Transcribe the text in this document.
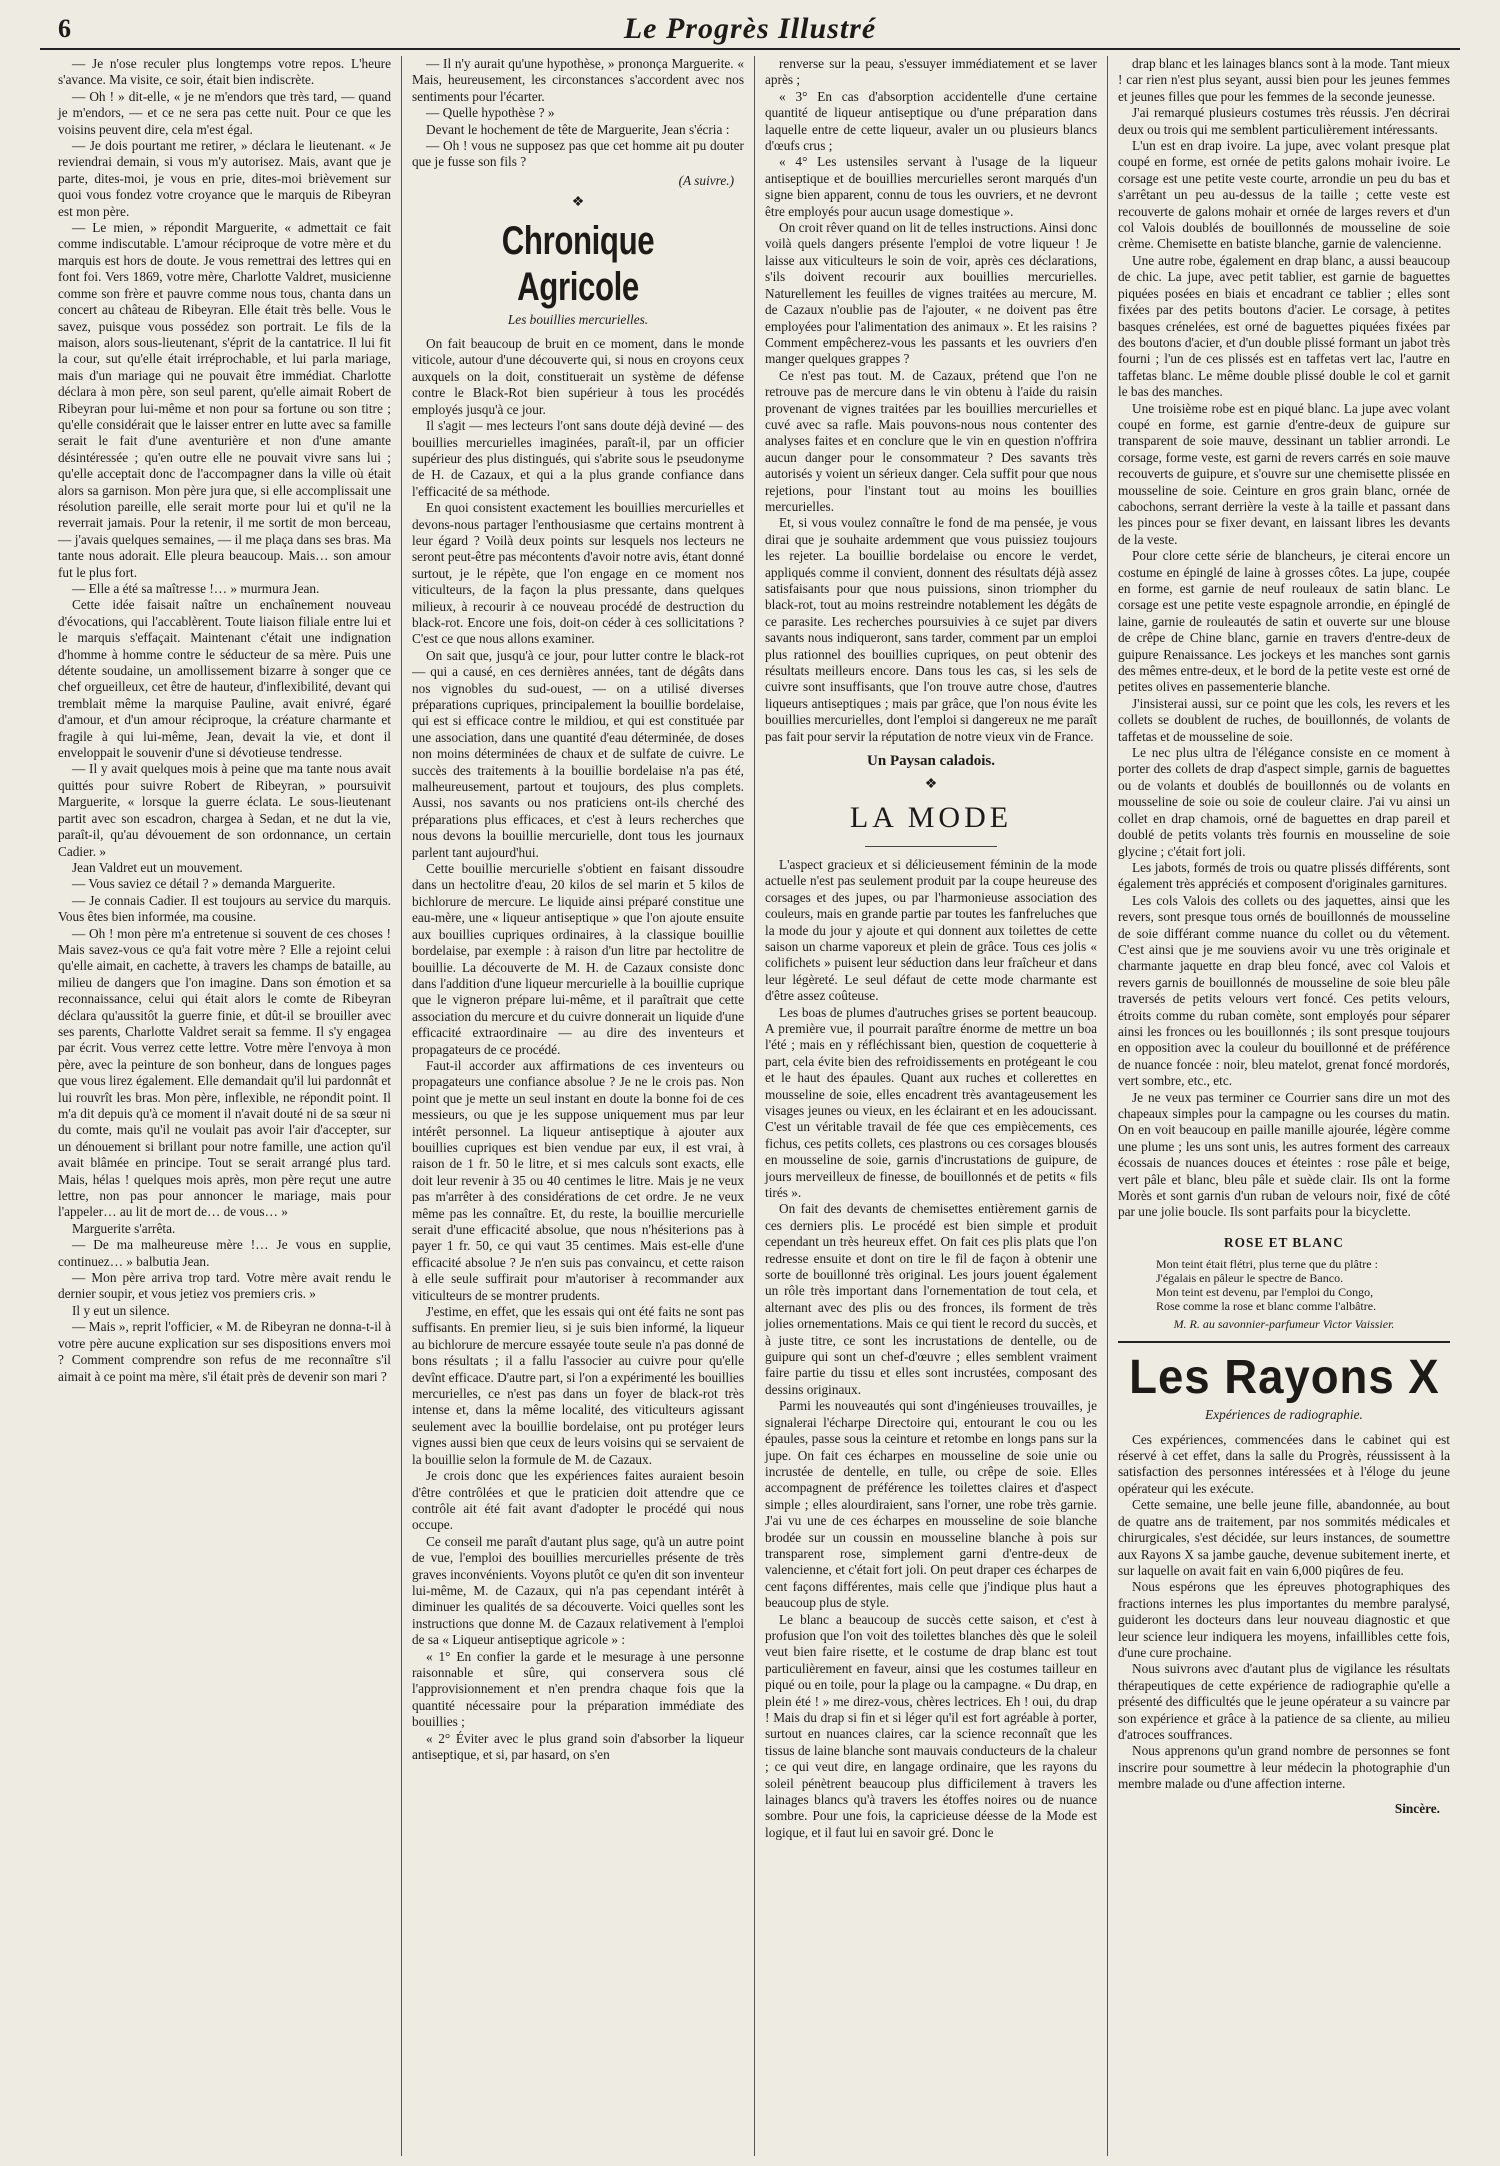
6	Le Progrès Illustré

— Je n'ose reculer plus longtemps votre repos. L'heure s'avance. Ma visite, ce soir, était bien indiscrète.

— Oh ! » dit-elle, « je ne m'endors que très tard, — quand je m'endors, — et ce ne sera pas cette nuit. Pour ce que les voisins peuvent dire, cela m'est égal.

— Je dois pourtant me retirer, » déclara le lieutenant. « Je reviendrai demain, si vous m'y autorisez. Mais, avant que je parte, dites-moi, je vous en prie, dites-moi brièvement sur quoi vous fondez votre croyance que le marquis de Ribeyran est mon père.

— Le mien, » répondit Marguerite, « admettait ce fait comme indiscutable. L'amour réciproque de votre mère et du marquis est hors de doute. Je vous remettrai des lettres qui en font foi. Vers 1869, votre mère, Charlotte Valdret, musicienne comme son frère et pauvre comme nous tous, chanta dans un concert au château de Ribeyran. Elle était très belle. Vous le savez, puisque vous possédez son portrait. Le fils de la maison, alors sous-lieutenant, s'éprit de la cantatrice. Il lui fit la cour, sut qu'elle était irréprochable, et lui parla mariage, mais d'un mariage qui ne pouvait être immédiat. Charlotte déclara à mon père, son seul parent, qu'elle aimait Robert de Ribeyran pour lui-même et non pour sa fortune ou son titre ; qu'elle considérait que le laisser entrer en lutte avec sa famille serait le fait d'une aventurière et non d'une amante désintéressée ; qu'en outre elle ne pouvait vivre sans lui ; qu'elle acceptait donc de l'accompagner dans la ville où était alors sa garnison. Mon père jura que, si elle accomplissait une résolution pareille, elle serait morte pour lui et qu'il ne la reverrait jamais. Pour la retenir, il me sortit de mon berceau, — j'avais quelques semaines, — il me plaça dans ses bras. Ma tante nous adorait. Elle pleura beaucoup. Mais… son amour fut le plus fort.

— Elle a été sa maîtresse !… » murmura Jean.

Cette idée faisait naître un enchaînement nouveau d'évocations, qui l'accablèrent. Toute liaison filiale entre lui et le marquis s'effaçait. Maintenant c'était une indignation d'homme à homme contre le séducteur de sa mère. Puis une détente soudaine, un amollissement bizarre à songer que ce chef orgueilleux, cet être de hauteur, d'inflexibilité, devant qui tremblait même la marquise Pauline, avait enivré, égaré d'amour, et d'un amour réciproque, la créature charmante et fragile à qui lui-même, Jean, devait la vie, et dont il enveloppait le souvenir d'une si dévotieuse tendresse.

— Il y avait quelques mois à peine que ma tante nous avait quittés pour suivre Robert de Ribeyran, » poursuivit Marguerite, « lorsque la guerre éclata. Le sous-lieutenant partit avec son escadron, chargea à Sedan, et ne dut la vie, paraît-il, qu'au dévouement de son ordonnance, un certain Cadier. »

Jean Valdret eut un mouvement.

— Vous saviez ce détail ? » demanda Marguerite.

— Je connais Cadier. Il est toujours au service du marquis. Vous êtes bien informée, ma cousine.

— Oh ! mon père m'a entretenue si souvent de ces choses ! Mais savez-vous ce qu'a fait votre mère ? Elle a rejoint celui qu'elle aimait, en cachette, à travers les champs de bataille, au milieu de dangers que l'on imagine. Dans son émotion et sa reconnaissance, celui qui était alors le comte de Ribeyran déclara qu'aussitôt la guerre finie, et dût-il se brouiller avec ses parents, Charlotte Valdret serait sa femme. Il s'y engagea par écrit. Vous verrez cette lettre. Votre mère l'envoya à mon père, avec la peinture de son bonheur, dans de longues pages que vous lirez également. Elle demandait qu'il lui pardonnât et lui rouvrît les bras. Mon père, inflexible, ne répondit point. Il m'a dit depuis qu'à ce moment il n'avait douté ni de sa sœur ni du comte, mais qu'il ne voulait pas avoir l'air d'accepter, sur un dénouement si brillant pour notre famille, une action qu'il avait blâmée en principe. Tout se serait arrangé plus tard. Mais, hélas ! quelques mois après, mon père reçut une autre lettre, non pas pour annoncer le mariage, mais pour l'appeler… au lit de mort de… de vous… »

Marguerite s'arrêta.

— De ma malheureuse mère !… Je vous en supplie, continuez… » balbutia Jean.

— Mon père arriva trop tard. Votre mère avait rendu le dernier soupir, et vous jetiez vos premiers cris. »

Il y eut un silence.

— Mais », reprit l'officier, « M. de Ribeyran ne donna-t-il à votre père aucune explication sur ses dispositions envers moi ? Comment comprendre son refus de me reconnaître s'il aimait à ce point ma mère, s'il était près de devenir son mari ?

— Il n'y aurait qu'une hypothèse, » prononça Marguerite. « Mais, heureusement, les circonstances s'accordent avec nos sentiments pour l'écarter.

— Quelle hypothèse ? »

Devant le hochement de tête de Marguerite, Jean s'écria :

— Oh ! vous ne supposez pas que cet homme ait pu douter que je fusse son fils ?

(A suivre.)
❖
Chronique Agricole
Les bouillies mercurielles.

On fait beaucoup de bruit en ce moment, dans le monde viticole, autour d'une découverte qui, si nous en croyons ceux auxquels on la doit, constituerait un système de défense contre le Black-Rot bien supérieur à tous les procédés employés jusqu'à ce jour.

Il s'agit — mes lecteurs l'ont sans doute déjà deviné — des bouillies mercurielles imaginées, paraît-il, par un officier supérieur des plus distingués, qui s'abrite sous le pseudonyme de H. de Cazaux, et qui a la plus grande confiance dans l'efficacité de sa méthode.

En quoi consistent exactement les bouillies mercurielles et devons-nous partager l'enthousiasme que certains montrent à leur égard ? Voilà deux points sur lesquels nos lecteurs ne seront peut-être pas mécontents d'avoir notre avis, étant donné surtout, je le répète, que l'on engage en ce moment nos viticulteurs, de la façon la plus pressante, dans quelques milieux, à recourir à ce nouveau procédé de destruction du black-rot. Encore une fois, doit-on céder à ces sollicitations ? C'est ce que nous allons examiner.

On sait que, jusqu'à ce jour, pour lutter contre le black-rot — qui a causé, en ces dernières années, tant de dégâts dans nos vignobles du sud-ouest, — on a utilisé diverses préparations cupriques, principalement la bouillie bordelaise, qui est si efficace contre le mildiou, et qui est constituée par une association, dans une quantité d'eau déterminée, de doses non moins déterminées de chaux et de sulfate de cuivre. Le succès des traitements à la bouillie bordelaise n'a pas été, malheureusement, partout et toujours, des plus complets. Aussi, nos savants ou nos praticiens ont-ils cherché des préparations plus efficaces, et c'est à leurs recherches que nous devons la bouillie mercurielle, dont tous les journaux parlent tant aujourd'hui.

Cette bouillie mercurielle s'obtient en faisant dissoudre dans un hectolitre d'eau, 20 kilos de sel marin et 5 kilos de bichlorure de mercure. Le liquide ainsi préparé constitue une eau-mère, une « liqueur antiseptique » que l'on ajoute ensuite aux bouillies cupriques ordinaires, à la classique bouillie bordelaise, par exemple : à raison d'un litre par hectolitre de bouillie. La découverte de M. H. de Cazaux consiste donc dans l'addition d'une liqueur mercurielle à la bouillie cuprique que le vigneron prépare lui-même, et il paraîtrait que cette association du mercure et du cuivre donnerait un liquide d'une efficacité extraordinaire — au dire des inventeurs et propagateurs de ce procédé.

Faut-il accorder aux affirmations de ces inventeurs ou propagateurs une confiance absolue ? Je ne le crois pas. Non point que je mette un seul instant en doute la bonne foi de ces messieurs, ou que je les suppose uniquement mus par leur intérêt personnel. La liqueur antiseptique à ajouter aux bouillies cupriques est bien vendue par eux, il est vrai, à raison de 1 fr. 50 le litre, et si mes calculs sont exacts, elle doit leur revenir à 35 ou 40 centimes le litre. Mais je ne veux pas m'arrêter à des considérations de cet ordre. Je ne veux même pas les connaître. Et, du reste, la bouillie mercurielle serait d'une efficacité absolue, que nous n'hésiterions pas à payer 1 fr. 50, ce qui vaut 35 centimes. Mais est-elle d'une efficacité absolue ? Je n'en suis pas convaincu, et cette raison à elle seule suffirait pour m'autoriser à recommander aux viticulteurs de se montrer prudents.

J'estime, en effet, que les essais qui ont été faits ne sont pas suffisants. En premier lieu, si je suis bien informé, la liqueur au bichlorure de mercure essayée toute seule n'a pas donné de bons résultats ; il a fallu l'associer au cuivre pour qu'elle devînt efficace. D'autre part, si l'on a expérimenté les bouillies mercurielles, ce n'est pas dans un foyer de black-rot très intense et, dans la même localité, des viticulteurs agissant seulement avec la bouillie bordelaise, ont pu protéger leurs vignes aussi bien que ceux de leurs voisins qui se servaient de la bouillie selon la formule de M. de Cazaux.

Je crois donc que les expériences faites auraient besoin d'être contrôlées et que le praticien doit attendre que ce contrôle ait été fait avant d'adopter le procédé qui nous occupe.

Ce conseil me paraît d'autant plus sage, qu'à un autre point de vue, l'emploi des bouillies mercurielles présente de très graves inconvénients. Voyons plutôt ce qu'en dit son inventeur lui-même, M. de Cazaux, qui n'a pas cependant intérêt à diminuer les qualités de sa découverte. Voici quelles sont les instructions que donne M. de Cazaux relativement à l'emploi de sa « Liqueur antiseptique agricole » :

« 1° En confier la garde et le mesurage à une personne raisonnable et sûre, qui conservera sous clé l'approvisionnement et n'en prendra chaque fois que la quantité nécessaire pour la préparation immédiate des bouillies ;

« 2° Éviter avec le plus grand soin d'absorber la liqueur antiseptique, et si, par hasard, on s'en

renverse sur la peau, s'essuyer immédiatement et se laver après ;

« 3° En cas d'absorption accidentelle d'une certaine quantité de liqueur antiseptique ou d'une préparation dans laquelle entre de cette liqueur, avaler un ou plusieurs blancs d'œufs crus ;

« 4° Les ustensiles servant à l'usage de la liqueur antiseptique et de bouillies mercurielles seront marqués d'un signe bien apparent, connu de tous les ouvriers, et ne devront être employés pour aucun usage domestique ».

On croit rêver quand on lit de telles instructions. Ainsi donc voilà quels dangers présente l'emploi de votre liqueur ! Je laisse aux viticulteurs le soin de voir, après ces déclarations, s'ils doivent recourir aux bouillies mercurielles. Naturellement les feuilles de vignes traitées au mercure, M. de Cazaux n'oublie pas de l'ajouter, « ne doivent pas être employées pour l'alimentation des animaux ». Et les raisins ? Comment empêcherez-vous les passants et les ouvriers d'en manger quelques grappes ?

Ce n'est pas tout. M. de Cazaux, prétend que l'on ne retrouve pas de mercure dans le vin obtenu à l'aide du raisin provenant de vignes traitées par les bouillies mercurielles et cuvé avec sa rafle. Mais pouvons-nous nous contenter des analyses faites et en conclure que le vin en question n'offrira aucun danger pour le consommateur ? Des savants très autorisés y voient un sérieux danger. Cela suffit pour que nous rejetions, pour l'instant tout au moins les bouillies mercurielles.

Et, si vous voulez connaître le fond de ma pensée, je vous dirai que je souhaite ardemment que vous puissiez toujours les rejeter. La bouillie bordelaise ou encore le verdet, appliqués comme il convient, donnent des résultats déjà assez satisfaisants pour que nous puissions, sinon triompher du black-rot, tout au moins restreindre notablement les dégâts de ce parasite. Les recherches poursuivies à ce sujet par divers savants nous indiqueront, sans tarder, comment par un emploi plus rationnel des bouillies cupriques, on peut obtenir des résultats meilleurs encore. Dans tous les cas, si les sels de cuivre sont insuffisants, que l'on trouve autre chose, d'autres liqueurs antiseptiques ; mais par grâce, que l'on nous évite les bouillies mercurielles, dont l'emploi si dangereux ne me paraît pas fait pour servir la réputation de notre vieux vin de France.

Un Paysan caladois.
❖
LA MODE

L'aspect gracieux et si délicieusement féminin de la mode actuelle n'est pas seulement produit par la coupe heureuse des corsages et des jupes, ou par l'harmonieuse association des couleurs, mais en grande partie par toutes les fanfreluches que la mode du jour y ajoute et qui donnent aux toilettes de cette saison un charme vaporeux et plein de grâce. Tous ces jolis « colifichets » puisent leur séduction dans leur fraîcheur et dans leur légèreté. Le seul défaut de cette mode charmante est d'être assez coûteuse.

Les boas de plumes d'autruches grises se portent beaucoup. A première vue, il pourrait paraître énorme de mettre un boa l'été ; mais en y réfléchissant bien, question de coquetterie à part, cela évite bien des refroidissements en protégeant le cou et le haut des épaules. Quant aux ruches et collerettes en mousseline de soie, elles encadrent très avantageusement les visages jeunes ou vieux, en les éclairant et en les adoucissant. C'est un véritable travail de fée que ces empiècements, ces fichus, ces petits collets, ces plastrons ou ces corsages blousés en mousseline de soie, garnis d'incrustations de guipure, de jours merveilleux de finesse, de bouillonnés et de petits « fils tirés ».

On fait des devants de chemisettes entièrement garnis de ces derniers plis. Le procédé est bien simple et produit cependant un très heureux effet. On fait ces plis plats que l'on redresse ensuite et dont on tire le fil de façon à obtenir une sorte de bouillonné très original. Les jours jouent également un rôle très important dans l'ornementation de tout cela, et alternant avec des plis ou des fronces, ils forment de très jolies ornementations. Mais ce qui tient le record du succès, et à juste titre, ce sont les incrustations de dentelle, ou de guipure qui sont un chef-d'œuvre ; elles semblent vraiment faire partie du tissu et elles sont incrustées, composant des dessins originaux.

Parmi les nouveautés qui sont d'ingénieuses trouvailles, je signalerai l'écharpe Directoire qui, entourant le cou ou les épaules, passe sous la ceinture et retombe en longs pans sur la jupe. On fait ces écharpes en mousseline de soie unie ou incrustée de dentelle, en tulle, ou crêpe de soie. Elles accompagnent de préférence les toilettes claires et d'aspect simple ; elles alourdiraient, sans l'orner, une robe très garnie. J'ai vu une de ces écharpes en mousseline de soie blanche brodée sur un coussin en mousseline blanche à pois sur transparent rose, simplement garni d'entre-deux de valencienne, et c'était fort joli. On peut draper ces écharpes de cent façons différentes, mais celle que j'indique plus haut a beaucoup plus de style.

Le blanc a beaucoup de succès cette saison, et c'est à profusion que l'on voit des toilettes blanches dès que le soleil veut bien faire risette, et le costume de drap blanc est tout particulièrement en faveur, ainsi que les costumes tailleur en piqué ou en toile, pour la plage ou la campagne. « Du drap, en plein été ! » me direz-vous, chères lectrices. Eh ! oui, du drap ! Mais du drap si fin et si léger qu'il est fort agréable à porter, surtout en nuances claires, car la science reconnaît que les tissus de laine blanche sont mauvais conducteurs de la chaleur ; ce qui veut dire, en langage ordinaire, que les rayons du soleil pénètrent beaucoup plus difficilement à travers les lainages blancs qu'à travers les étoffes noires ou de nuance sombre. Pour une fois, la capricieuse déesse de la Mode est logique, et il faut lui en savoir gré. Donc le

drap blanc et les lainages blancs sont à la mode. Tant mieux ! car rien n'est plus seyant, aussi bien pour les jeunes femmes et jeunes filles que pour les femmes de la seconde jeunesse.

J'ai remarqué plusieurs costumes très réussis. J'en décrirai deux ou trois qui me semblent particulièrement intéressants.

L'un est en drap ivoire. La jupe, avec volant presque plat coupé en forme, est ornée de petits galons mohair ivoire. Le corsage est une petite veste courte, arrondie un peu du bas et s'arrêtant un peu au-dessus de la taille ; cette veste est recouverte de galons mohair et ornée de larges revers et d'un col Valois doublés de bouillonnés de mousseline de soie crème. Chemisette en batiste blanche, garnie de valencienne.

Une autre robe, également en drap blanc, a aussi beaucoup de chic. La jupe, avec petit tablier, est garnie de baguettes piquées posées en biais et encadrant ce tablier ; elles sont fixées par des petits boutons d'acier. Le corsage, à petites basques crénelées, est orné de baguettes piquées fixées par des boutons d'acier, et d'un double plissé formant un jabot très fourni ; l'un de ces plissés est en taffetas vert lac, l'autre en taffetas blanc. Le même double plissé double le col et garnit le bas des manches.

Une troisième robe est en piqué blanc. La jupe avec volant coupé en forme, est garnie d'entre-deux de guipure sur transparent de soie mauve, dessinant un tablier arrondi. Le corsage, forme veste, est garni de revers carrés en soie mauve recouverts de guipure, et s'ouvre sur une chemisette plissée en mousseline de soie. Ceinture en gros grain blanc, ornée de cabochons, serrant derrière la veste à la taille et passant dans les pinces pour se fixer devant, en laissant libres les devants de la veste.

Pour clore cette série de blancheurs, je citerai encore un costume en épinglé de laine à grosses côtes. La jupe, coupée en forme, est garnie de neuf rouleaux de satin blanc. Le corsage est une petite veste espagnole arrondie, en épinglé de laine, garnie de rouleautés de satin et ouverte sur une blouse de crêpe de Chine blanc, garnie en travers d'entre-deux de guipure Renaissance. Les jockeys et les manches sont garnis des mêmes entre-deux, et le bord de la petite veste est orné de petites olives en passementerie blanche.

J'insisterai aussi, sur ce point que les cols, les revers et les collets se doublent de ruches, de bouillonnés, de volants de taffetas et de mousseline de soie.

Le nec plus ultra de l'élégance consiste en ce moment à porter des collets de drap d'aspect simple, garnis de baguettes ou de volants et doublés de bouillonnés ou de volants en mousseline de soie ou soie de couleur claire. J'ai vu ainsi un collet en drap chamois, orné de baguettes en drap pareil et doublé de petits volants très fournis en mousseline de soie glycine ; c'était fort joli.

Les jabots, formés de trois ou quatre plissés différents, sont également très appréciés et composent d'originales garnitures.

Les cols Valois des collets ou des jaquettes, ainsi que les revers, sont presque tous ornés de bouillonnés de mousseline de soie différant comme nuance du collet ou du vêtement. C'est ainsi que je me souviens avoir vu une très originale et charmante jaquette en drap bleu foncé, avec col Valois et revers garnis de bouillonnés de mousseline de soie bleu pâle traversés de petits velours vert foncé. Ces petits velours, étroits comme du ruban comète, sont employés pour séparer ainsi les fronces ou les bouillonnés ; ils sont presque toujours en opposition avec la couleur du bouillonné et de préférence de nuance foncée : noir, bleu matelot, grenat foncé mordorés, vert sombre, etc., etc.

Je ne veux pas terminer ce Courrier sans dire un mot des chapeaux simples pour la campagne ou les courses du matin. On en voit beaucoup en paille manille ajourée, légère comme une plume ; les uns sont unis, les autres forment des carreaux écossais de nuances douces et éteintes : rose pâle et beige, vert pâle et blanc, bleu pâle et suède clair. Ils ont la forme Morès et sont garnis d'un ruban de velours noir, fixé de côté par une jolie boucle. Ils sont parfaits pour la bicyclette.

ROSE ET BLANC

Mon teint était flétri, plus terne que du plâtre :

J'égalais en pâleur le spectre de Banco.

Mon teint est devenu, par l'emploi du Congo,

Rose comme la rose et blanc comme l'albâtre.

M. R. au savonnier-parfumeur Victor Vaissier.

Les Rayons X
Expériences de radiographie.

Ces expériences, commencées dans le cabinet qui est réservé à cet effet, dans la salle du Progrès, réussissent à la satisfaction des personnes intéressées et à l'éloge du jeune opérateur qui les exécute.

Cette semaine, une belle jeune fille, abandonnée, au bout de quatre ans de traitement, par nos sommités médicales et chirurgicales, s'est décidée, sur leurs instances, de soumettre aux Rayons X sa jambe gauche, devenue subitement inerte, et sur laquelle on avait fait en vain 6,000 piqûres de feu.

Nous espérons que les épreuves photographiques des fractions internes les plus importantes du membre paralysé, guideront les docteurs dans leur nouveau diagnostic et que leur science leur indiquera les moyens, infaillibles cette fois, d'une cure prochaine.

Nous suivrons avec d'autant plus de vigilance les résultats thérapeutiques de cette expérience de radiographie qu'elle a présenté des difficultés que le jeune opérateur a su vaincre par son expérience et grâce à la patience de sa cliente, au milieu d'atroces souffrances.

Nous apprenons qu'un grand nombre de personnes se font inscrire pour soumettre à leur médecin la photographie d'un membre malade ou d'une affection interne.

Sincère.
